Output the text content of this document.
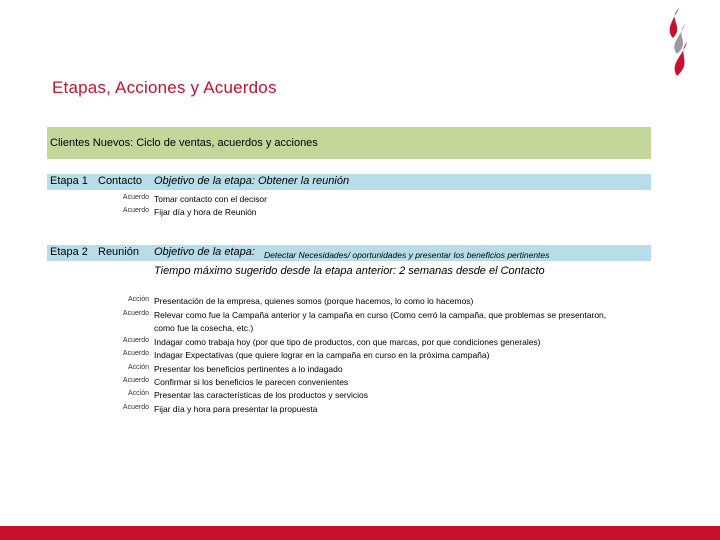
Etapas, Acciones y Acuerdos
Clientes Nuevos: Ciclo de ventas, acuerdos y acciones
Etapa 1 Contacto Objetivo de la etapa: Obtener la reunión
Acuerdo Tomar contacto con el decisor
Acuerdo Fijar día y hora de Reunión
Etapa 2 Reunión Objetivo de la etapa: Detectar Necesidades/ oportunidades y presentar los beneficios pertinentes
Tiempo máximo sugerido desde la etapa anterior: 2 semanas desde el Contacto
Acción Presentación de la empresa, quienes somos (porque hacemos, lo como lo hacemos)
Acuerdo Relevar como fue la Campaña anterior y la campaña en curso (Como cerró la campaña, que problemas se presentaron,
como fue la cosecha, etc.)
Acuerdo Indagar como trabaja hoy (por que tipo de productos, con que marcas, por que condiciones generales)
Acuerdo Indagar Expectativas (que quiere lograr en la campaña en curso en la próxima campaña)
Acción Presentar los beneficios pertinentes a lo indagado
Acuerdo Confirmar si los beneficios le parecen convenientes
Acción Presentar las características de los productos y servicios
Acuerdo Fijar día y hora para presentar la propuesta
